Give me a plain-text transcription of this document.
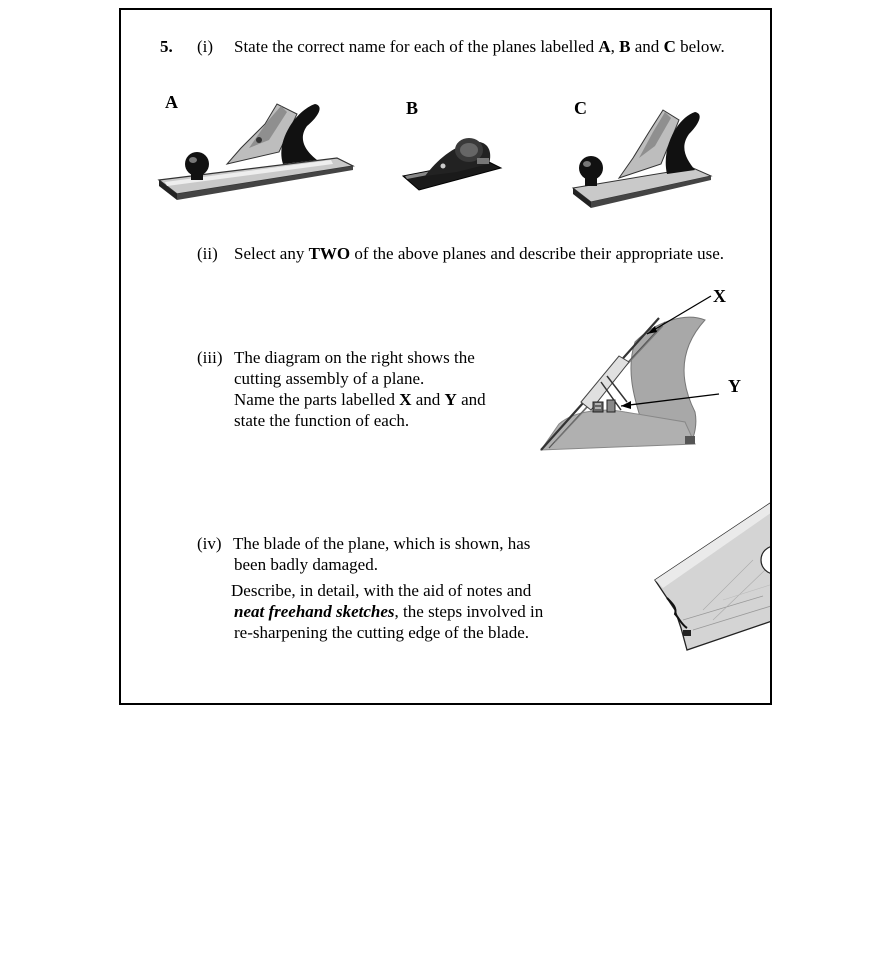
5. (i) State the correct name for each of the planes labelled A, B and C below.
A	B	C
(ii) Select any TWO of the above planes and describe their appropriate use.
(iii) The diagram on the right shows the
cutting assembly of a plane.
Name the parts labelled X and Y and
state the function of each.
X
Y
(iv) The blade of the plane, which is shown, has
been badly damaged.
Describe, in detail, with the aid of notes and
neat freehand sketches, the steps involved in
re-sharpening the cutting edge of the blade.
